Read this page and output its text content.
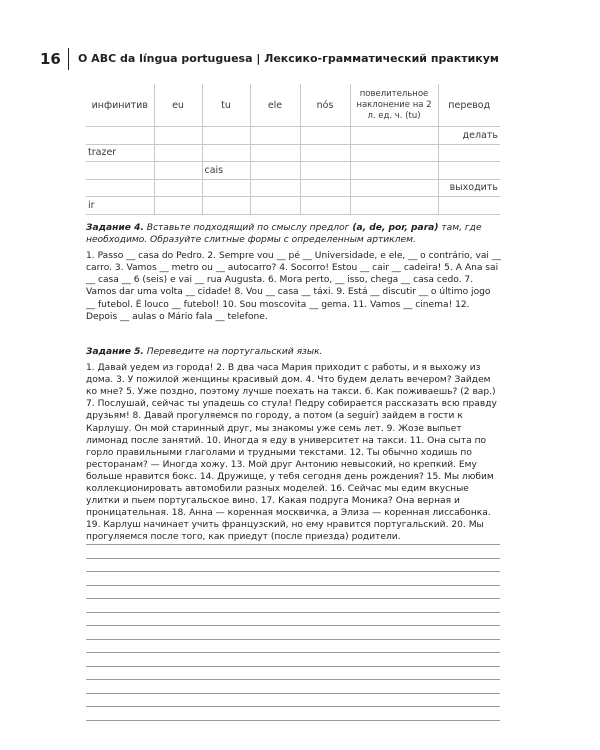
16 O ABC da língua portuguesa | Лексико-грамматический практикум
инфинитив	eu	tu	ele	nós	повелительное наклонение на 2 л. ед. ч. (tu)	перевод
						делать
trazer						
		cais				
						выходить
ir						
Задание 4. Вставьте подходящий по смыслу предлог (a, de, por, para) там, где необходимо. Образуйте слитные формы с определенным артиклем.
1. Passo __ casa do Pedro. 2. Sempre vou __ pé __ Universidade, e ele, __ o contrário, vai __ carro. 3. Vamos __ metro ou __ autocarro? 4. Socorro! Estou __ cair __ cadeira! 5. A Ana sai __ casa __ 6 (seis) e vai __ rua Augusta. 6. Mora perto, __ isso, chega __ casa cedo. 7. Vamos dar uma volta __ cidade! 8. Vou __ casa __ táxi. 9. Está __ discutir __ o último jogo __ futebol. É louco __ futebol! 10. Sou moscovita __ gema. 11. Vamos __ cinema! 12. Depois __ aulas o Mário fala __ telefone.
Задание 5. Переведите на португальский язык.
1. Давай уедем из города! 2. В два часа Мария приходит с работы, и я выхожу из дома. 3. У пожилой женщины красивый дом. 4. Что будем делать вечером? Зайдем ко мне? 5. Уже поздно, поэтому лучше поехать на такси. 6. Как поживаешь? (2 вар.) 7. Послушай, сейчас ты упадешь со стула! Педру собирается рассказать всю правду друзьям! 8. Давай прогуляемся по городу, а потом (a seguir) зайдем в гости к Карлушу. Он мой старинный друг, мы знакомы уже семь лет. 9. Жозе выпьет лимонад после занятий. 10. Иногда я еду в университет на такси. 11. Она сыта по горло правильными глаголами и трудными текстами. 12. Ты обычно ходишь по ресторанам? — Иногда хожу. 13. Мой друг Антонию невысокий, но крепкий. Ему больше нравится бокс. 14. Дружище, у тебя сегодня день рождения? 15. Мы любим коллекционировать автомобили разных моделей. 16. Сейчас мы едим вкусные улитки и пьем португальское вино. 17. Какая подруга Моника? Она верная и проницательная. 18. Анна — коренная москвичка, а Элиза — коренная лиссабонка. 19. Карлуш начинает учить французский, но ему нравится португальский. 20. Мы прогуляемся после того, как приедут (после приезда) родители.
